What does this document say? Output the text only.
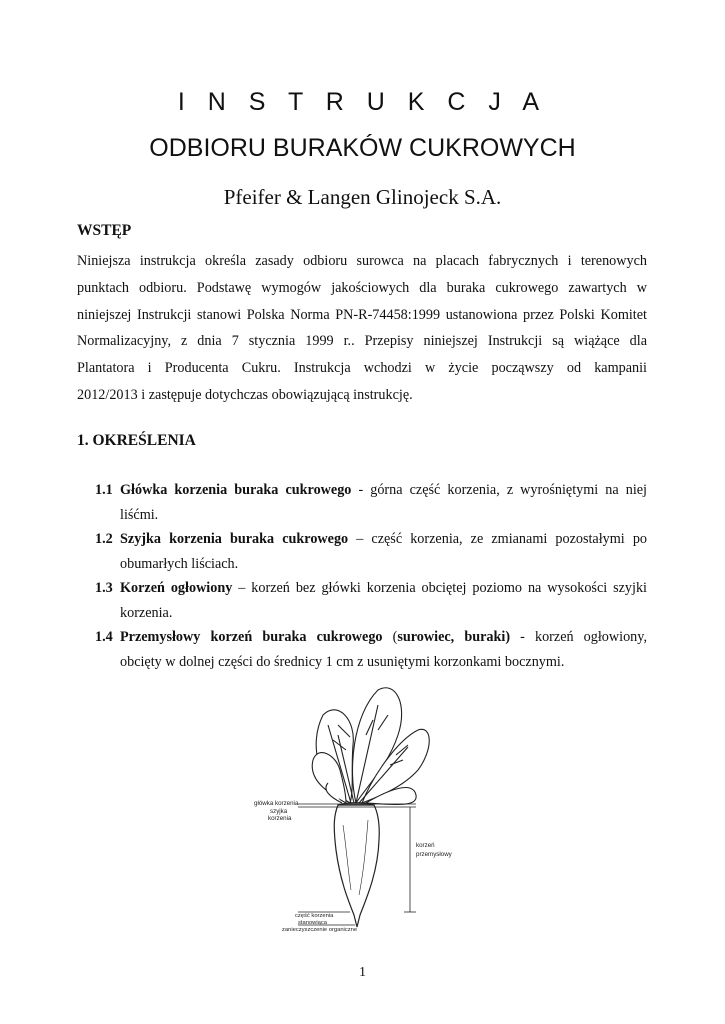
I N S T R U K C J A
ODBIORU BURAKÓW CUKROWYCH
Pfeifer & Langen Glinojeck S.A.
WSTĘP
Niniejsza instrukcja określa zasady odbioru surowca na placach fabrycznych i terenowych
punktach odbioru. Podstawę wymogów jakościowych dla buraka cukrowego zawartych w
niniejszej Instrukcji stanowi Polska Norma PN-R-74458:1999 ustanowiona przez Polski Komitet
Normalizacyjny, z dnia 7 stycznia 1999 r.. Przepisy niniejszej Instrukcji są wiążące dla
Plantatora i Producenta Cukru. Instrukcja wchodzi w życie począwszy od kampanii
2012/2013 i zastępuje dotychczas obowiązującą instrukcję.
1. OKREŚLENIA
1.1 Główka korzenia buraka cukrowego - górna część korzenia, z wyrośniętymi na niej
liśćmi.
1.2 Szyjka korzenia buraka cukrowego – część korzenia, ze zmianami pozostałymi po
obumarłych liściach.
1.3 Korzeń ogłowiony – korzeń bez główki korzenia obciętej poziomo na wysokości szyjki
korzenia.
1.4 Przemysłowy korzeń buraka cukrowego (surowiec, buraki) - korzeń ogłowiony,
obcięty w dolnej części do średnicy 1 cm z usuniętymi korzonkami bocznymi.
główka korzenia
szyjka
korzenia
korzeń
przemysłowy
część korzenia
stanowiąca
zanieczyszczenie organiczne
1
